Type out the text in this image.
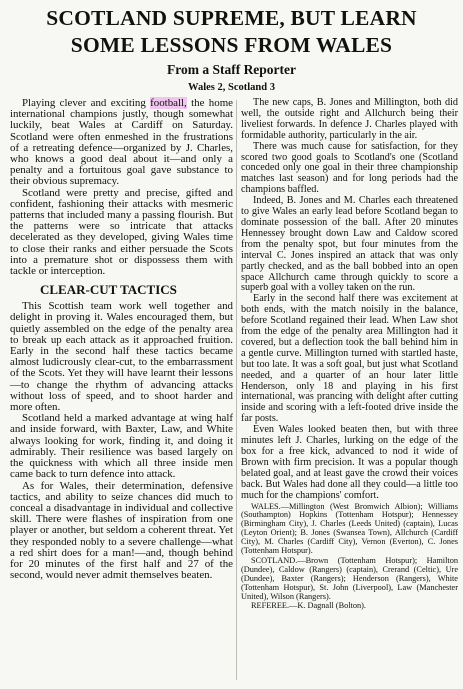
SCOTLAND SUPREME, BUT LEARN
SOME LESSONS FROM WALES
From a Staff Reporter
Wales 2, Scotland 3

Playing clever and exciting football, the home international champions justly, though somewhat luckily, beat Wales at Cardiff on Saturday. Scotland were often enmeshed in the frustrations of a retreating defence—organized by J. Charles, who knows a good deal about it—and only a penalty and a fortuitous goal gave substance to their obvious supremacy.

Scotland were pretty and precise, gifted and confident, fashioning their attacks with mesmeric patterns that included many a passing flourish. But the patterns were so intricate that attacks decelerated as they developed, giving Wales time to close their ranks and either persuade the Scots into a premature shot or dispossess them with tackle or interception.

CLEAR-CUT TACTICS

This Scottish team work well together and delight in proving it. Wales encouraged them, but quietly assembled on the edge of the penalty area to break up each attack as it approached fruition. Early in the second half these tactics became almost ludicrously clear-cut, to the embarrassment of the Scots. Yet they will have learnt their lessons—to change the rhythm of advancing attacks without loss of speed, and to shoot harder and more often.

Scotland held a marked advantage at wing half and inside forward, with Baxter, Law, and White always looking for work, finding it, and doing it admirably. Their resilience was based largely on the quickness with which all three inside men came back to turn defence into attack.

As for Wales, their determination, defensive tactics, and ability to seize chances did much to conceal a disadvantage in individual and collective skill. There were flashes of inspiration from one player or another, but seldom a coherent threat. Yet they responded nobly to a severe challenge—what a red shirt does for a man!—and, though behind for 20 minutes of the first half and 27 of the second, would never admit themselves beaten.

The new caps, B. Jones and Millington, both did well, the outside right and Allchurch being their liveliest forwards. In defence J. Charles played with formidable authority, particularly in the air.

There was much cause for satisfaction, for they scored two good goals to Scotland's one (Scotland conceded only one goal in their three championship matches last season) and for long periods had the champions baffled.

Indeed, B. Jones and M. Charles each threatened to give Wales an early lead before Scotland began to dominate possession of the ball. After 20 minutes Hennessey brought down Law and Caldow scored from the penalty spot, but four minutes from the interval C. Jones inspired an attack that was only partly checked, and as the ball bobbed into an open space Allchurch came through quickly to score a superb goal with a volley taken on the run.

Early in the second half there was excitement at both ends, with the match noisily in the balance, before Scotland regained their lead. When Law shot from the edge of the penalty area Millington had it covered, but a deflection took the ball behind him in a gentle curve. Millington turned with startled haste, but too late. It was a soft goal, but just what Scotland needed, and a quarter of an hour later little Henderson, only 18 and playing in his first international, was prancing with delight after cutting inside and scoring with a left-footed drive inside the far posts.

Even Wales looked beaten then, but with three minutes left J. Charles, lurking on the edge of the box for a free kick, advanced to nod it wide of Brown with firm precision. It was a popular though belated goal, and at least gave the crowd their voices back. But Wales had done all they could—a little too much for the champions' comfort.

WALES.—Millington (West Bromwich Albion); Williams (Southampton) Hopkins (Tottenham Hotspur); Hennessey (Birmingham City), J. Charles (Leeds United) (captain), Lucas (Leyton Orient); B. Jones (Swansea Town), Allchurch (Cardiff City), M. Charles (Cardiff City), Vernon (Everton), C. Jones (Tottenham Hotspur).

SCOTLAND.—Brown (Tottenham Hotspur); Hamilton (Dundee), Caldow (Rangers) (captain), Crerand (Celtic), Ure (Dundee), Baxter (Rangers); Henderson (Rangers), White (Tottenham Hotspur), St. John (Liverpool), Law (Manchester United), Wilson (Rangers).

REFEREE.—K. Dagnall (Bolton).
